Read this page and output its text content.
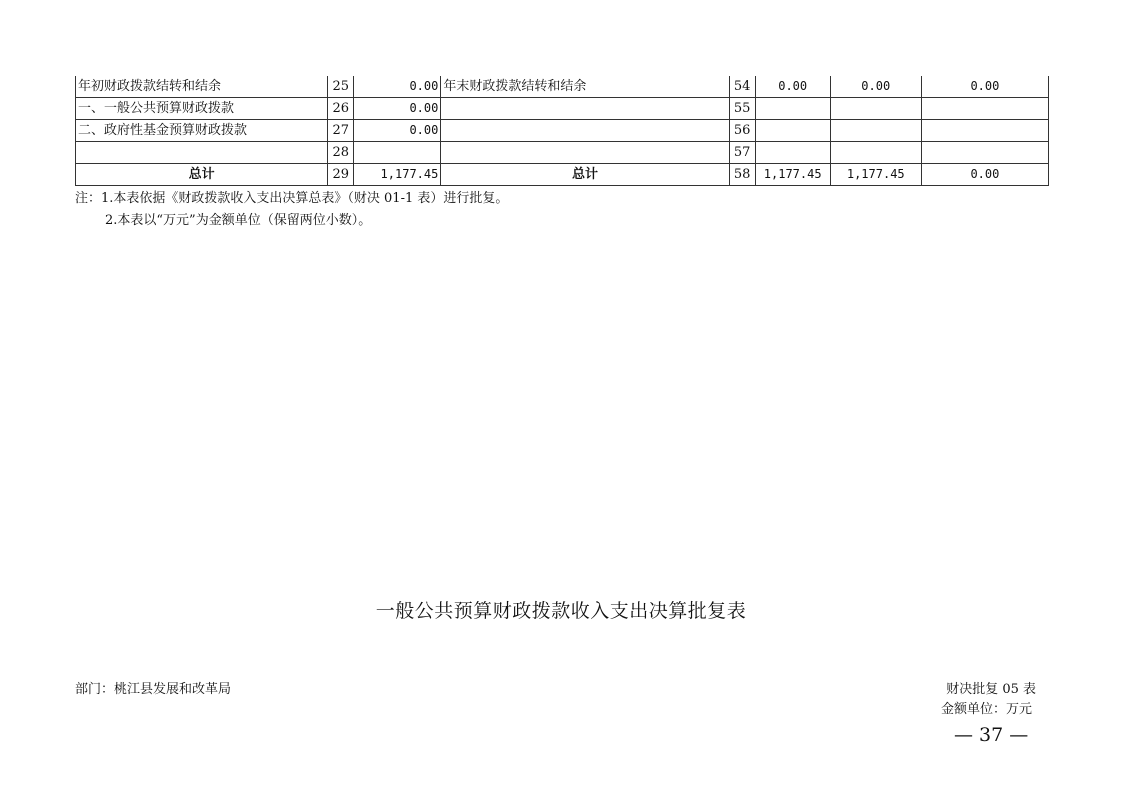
年初财政拨款结转和结余	25	0.00	年末财政拨款结转和结余	54	0.00	0.00	0.00
一、一般公共预算财政拨款	26	0.00		55			
二、政府性基金预算财政拨款	27	0.00		56			
	28			57			
总计	29	1,177.45	总计	58	1,177.45	1,177.45	0.00
注：1.本表依据《财政拨款收入支出决算总表》（财决 01-1 表）进行批复。
2.本表以“万元”为金额单位（保留两位小数）。
一般公共预算财政拨款收入支出决算批复表
部门：桃江县发展和改革局	财决批复 05 表
金额单位：万元
— 37 —
